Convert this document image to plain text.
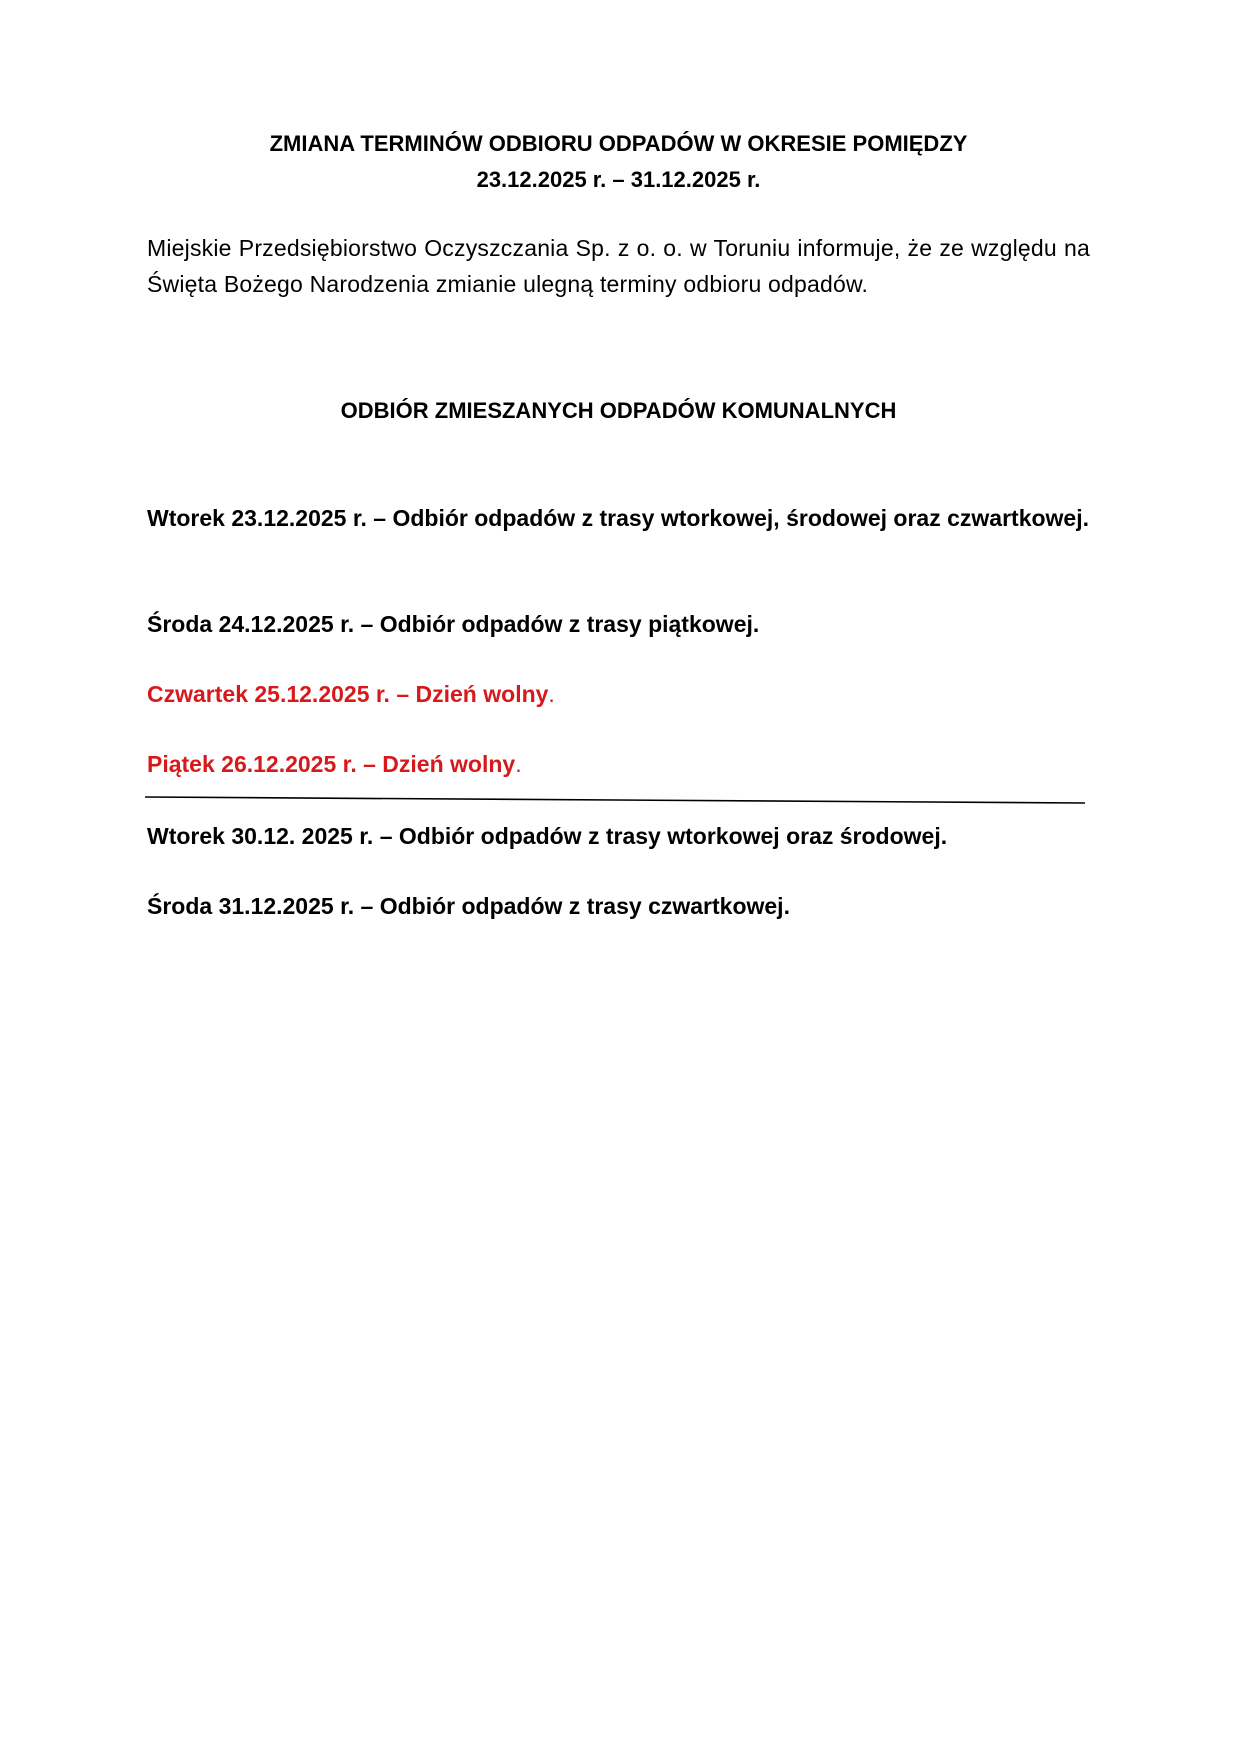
ZMIANA TERMINÓW ODBIORU ODPADÓW W OKRESIE POMIĘDZY

23.12.2025 r. – 31.12.2025 r.

Miejskie Przedsiębiorstwo Oczyszczania Sp. z o. o. w Toruniu informuje, że ze względu na Święta Bożego Narodzenia zmianie ulegną terminy odbioru odpadów.

ODBIÓR ZMIESZANYCH ODPADÓW KOMUNALNYCH

Wtorek 23.12.2025 r. – Odbiór odpadów z trasy wtorkowej, środowej oraz czwartkowej.

Środa 24.12.2025 r. – Odbiór odpadów z trasy piątkowej.

Czwartek 25.12.2025 r. – Dzień wolny.

Piątek 26.12.2025 r. – Dzień wolny.

Wtorek 30.12. 2025 r. – Odbiór odpadów z trasy wtorkowej oraz środowej.

Środa 31.12.2025 r. – Odbiór odpadów z trasy czwartkowej.
